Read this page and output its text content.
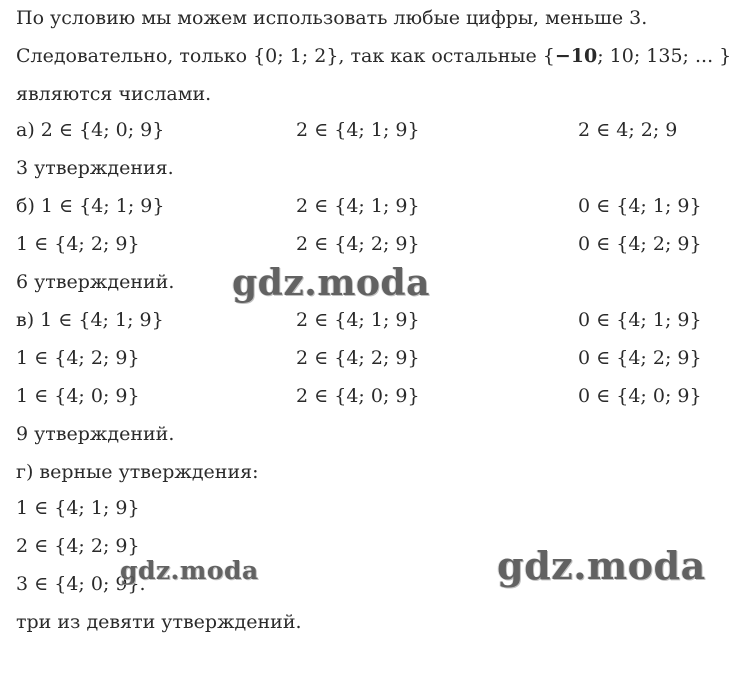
По условию мы можем использовать любые цифры, меньше 3.
Следовательно, только {0; 1; 2}, так как остальные {−10; 10; 135; ... }
являются числами.
а) 2 ∈ {4; 0; 9}	2 ∈ {4; 1; 9}	2 ∈ 4; 2; 9
3 утверждения.
б) 1 ∈ {4; 1; 9}	2 ∈ {4; 1; 9}	0 ∈ {4; 1; 9}
1 ∈ {4; 2; 9}	2 ∈ {4; 2; 9}	0 ∈ {4; 2; 9}
6 утверждений.
в) 1 ∈ {4; 1; 9}	2 ∈ {4; 1; 9}	0 ∈ {4; 1; 9}
1 ∈ {4; 2; 9}	2 ∈ {4; 2; 9}	0 ∈ {4; 2; 9}
1 ∈ {4; 0; 9}	2 ∈ {4; 0; 9}	0 ∈ {4; 0; 9}
9 утверждений.
г) верные утверждения:
1 ∈ {4; 1; 9}
2 ∈ {4; 2; 9}
3 ∈ {4; 0; 9}.
три из девяти утверждений.
gdz.moda
gdz.moda	gdz.moda
